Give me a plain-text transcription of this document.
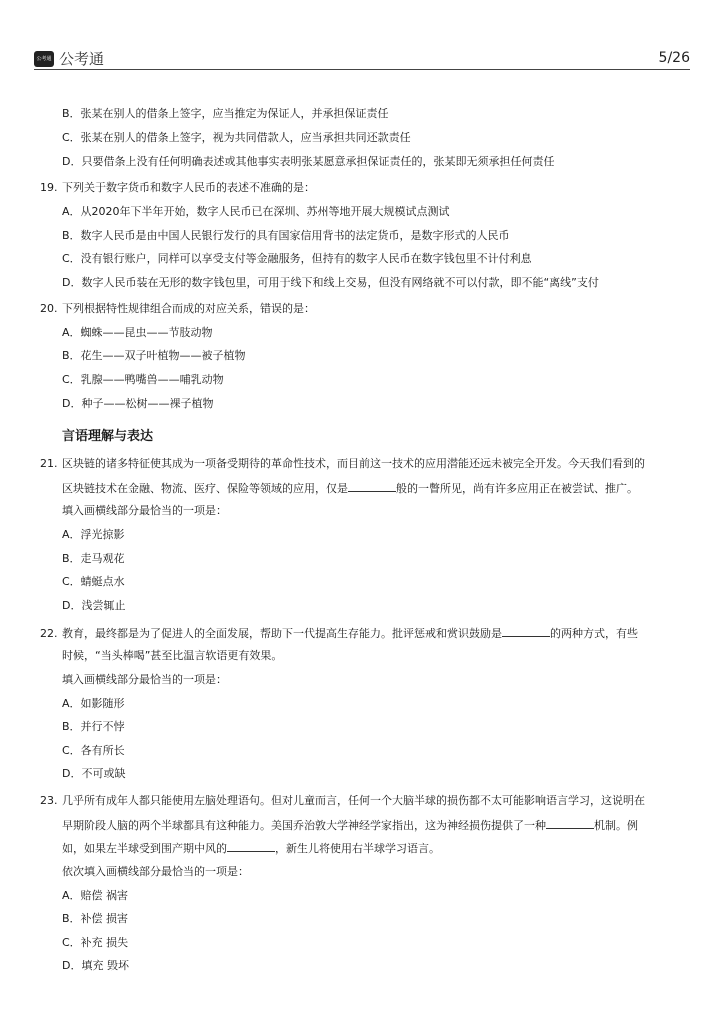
公考通 公考通	5/26
B．张某在别人的借条上签字，应当推定为保证人，并承担保证责任
C．张某在别人的借条上签字，视为共同借款人，应当承担共同还款责任
D．只要借条上没有任何明确表述或其他事实表明张某愿意承担保证责任的，张某即无须承担任何责任
19. 下列关于数字货币和数字人民币的表述不准确的是：
A．从2020年下半年开始，数字人民币已在深圳、苏州等地开展大规模试点测试
B．数字人民币是由中国人民银行发行的具有国家信用背书的法定货币，是数字形式的人民币
C．没有银行账户，同样可以享受支付等金融服务，但持有的数字人民币在数字钱包里不计付利息
D．数字人民币装在无形的数字钱包里，可用于线下和线上交易，但没有网络就不可以付款，即不能“离线”支付
20. 下列根据特性规律组合而成的对应关系，错误的是：
A．蜘蛛——昆虫——节肢动物
B．花生——双子叶植物——被子植物
C．乳腺——鸭嘴兽——哺乳动物
D．种子——松树——裸子植物
言语理解与表达
21. 区块链的诸多特征使其成为一项备受期待的革命性技术，而目前这一技术的应用潜能还远未被完全开发。今天我们看到的
区块链技术在金融、物流、医疗、保险等领域的应用，仅是	般的一瞥所见，尚有许多应用正在被尝试、推广。
填入画横线部分最恰当的一项是：
A．浮光掠影
B．走马观花
C．蜻蜓点水
D．浅尝辄止
22. 教育，最终都是为了促进人的全面发展，帮助下一代提高生存能力。批评惩戒和赏识鼓励是	的两种方式，有些
时候，“当头棒喝”甚至比温言软语更有效果。
填入画横线部分最恰当的一项是：
A．如影随形
B．并行不悖
C．各有所长
D．不可或缺
23. 几乎所有成年人都只能使用左脑处理语句。但对儿童而言，任何一个大脑半球的损伤都不太可能影响语言学习，这说明在
早期阶段人脑的两个半球都具有这种能力。美国乔治敦大学神经学家指出，这为神经损伤提供了一种	机制。例
如，如果左半球受到围产期中风的	，新生儿将使用右半球学习语言。
依次填入画横线部分最恰当的一项是：
A．赔偿 祸害
B．补偿 损害
C．补充 损失
D．填充 毁坏
